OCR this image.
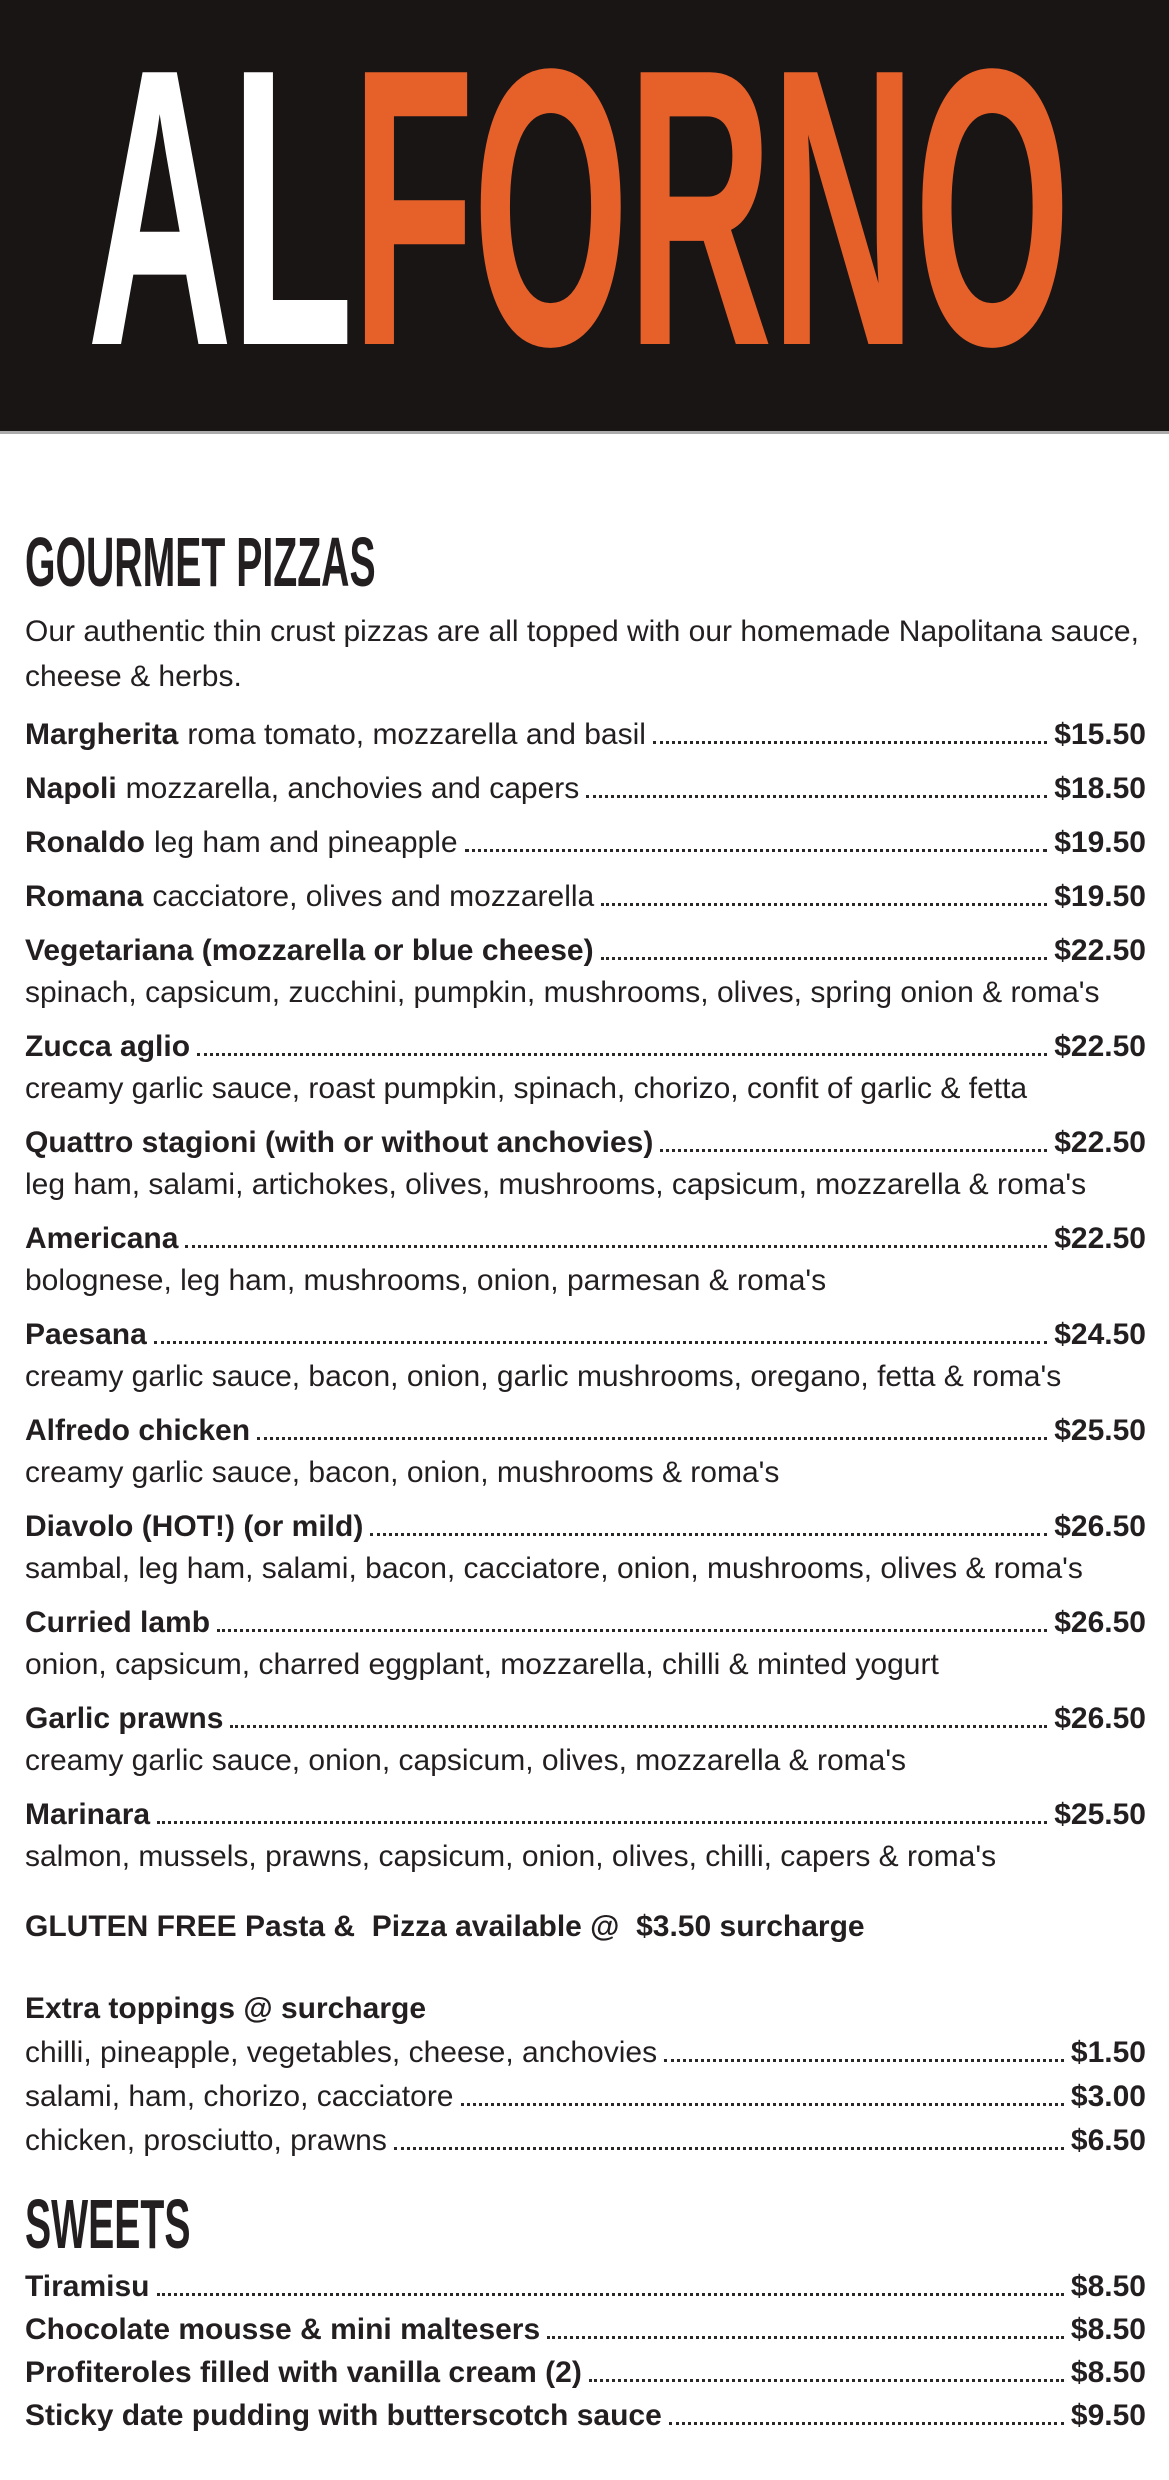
ALFORNO
GOURMET PIZZAS

Our authentic thin crust pizzas are all topped with our homemade Napolitana sauce, cheese & herbs.

Margherita roma tomato, mozzarella and basil	$15.50
Napoli mozzarella, anchovies and capers	$18.50
Ronaldo leg ham and pineapple	$19.50
Romana cacciatore, olives and mozzarella	$19.50
Vegetariana (mozzarella or blue cheese)	$22.50
spinach, capsicum, zucchini, pumpkin, mushrooms, olives, spring onion & roma's
Zucca aglio	$22.50
creamy garlic sauce, roast pumpkin, spinach, chorizo, confit of garlic & fetta
Quattro stagioni (with or without anchovies)	$22.50
leg ham, salami, artichokes, olives, mushrooms, capsicum, mozzarella & roma's
Americana	$22.50
bolognese, leg ham, mushrooms, onion, parmesan & roma's
Paesana	$24.50
creamy garlic sauce, bacon, onion, garlic mushrooms, oregano, fetta & roma's
Alfredo chicken	$25.50
creamy garlic sauce, bacon, onion, mushrooms & roma's
Diavolo (HOT!) (or mild)	$26.50
sambal, leg ham, salami, bacon, cacciatore, onion, mushrooms, olives & roma's
Curried lamb	$26.50
onion, capsicum, charred eggplant, mozzarella, chilli & minted yogurt
Garlic prawns	$26.50
creamy garlic sauce, onion, capsicum, olives, mozzarella & roma's
Marinara	$25.50
salmon, mussels, prawns, capsicum, onion, olives, chilli, capers & roma's
GLUTEN FREE Pasta &  Pizza available @  $3.50 surcharge
Extra toppings @ surcharge
chilli, pineapple, vegetables, cheese, anchovies	$1.50
salami, ham, chorizo, cacciatore	$3.00
chicken, prosciutto, prawns	$6.50
SWEETS
Tiramisu	$8.50
Chocolate mousse & mini maltesers	$8.50
Profiteroles filled with vanilla cream (2)	$8.50
Sticky date pudding with butterscotch sauce	$9.50
